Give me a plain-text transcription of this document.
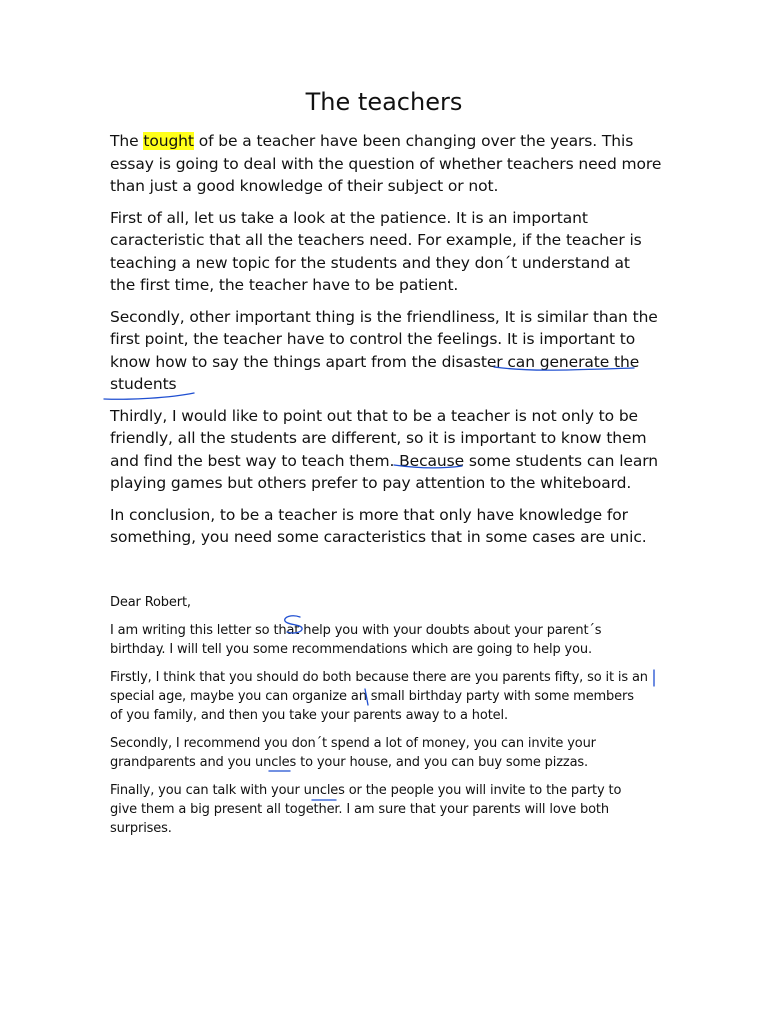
The teachers

The tought of be a teacher have been changing over the years. This
essay is going to deal with the question of whether teachers need more
than just a good knowledge of their subject or not.

First of all, let us take a look at the patience. It is an important
caracteristic that all the teachers need. For example, if the teacher is
teaching a new topic for the students and they don´t understand at
the first time, the teacher have to be patient.

Secondly, other important thing is the friendliness, It is similar than the
first point, the teacher have to control the feelings. It is important to
know how to say the things apart from the disaster can generate the
students

Thirdly, I would like to point out that to be a teacher is not only to be
friendly, all the students are different, so it is important to know them
and find the best way to teach them. Because some students can learn
playing games but others prefer to pay attention to the whiteboard.

In conclusion, to be a teacher is more that only have knowledge for
something, you need some caracteristics that in some cases are unic.

Dear Robert,

I am writing this letter so that help you with your doubts about your parent´s
birthday. I will tell you some recommendations which are going to help you.

Firstly, I think that you should do both because there are you parents fifty, so it is an
special age, maybe you can organize an small birthday party with some members
of you family, and then you take your parents away to a hotel.

Secondly, I recommend you don´t spend a lot of money, you can invite your
grandparents and you uncles to your house, and you can buy some pizzas.

Finally, you can talk with your uncles or the people you will invite to the party to
give them a big present all together. I am sure that your parents will love both
surprises.
